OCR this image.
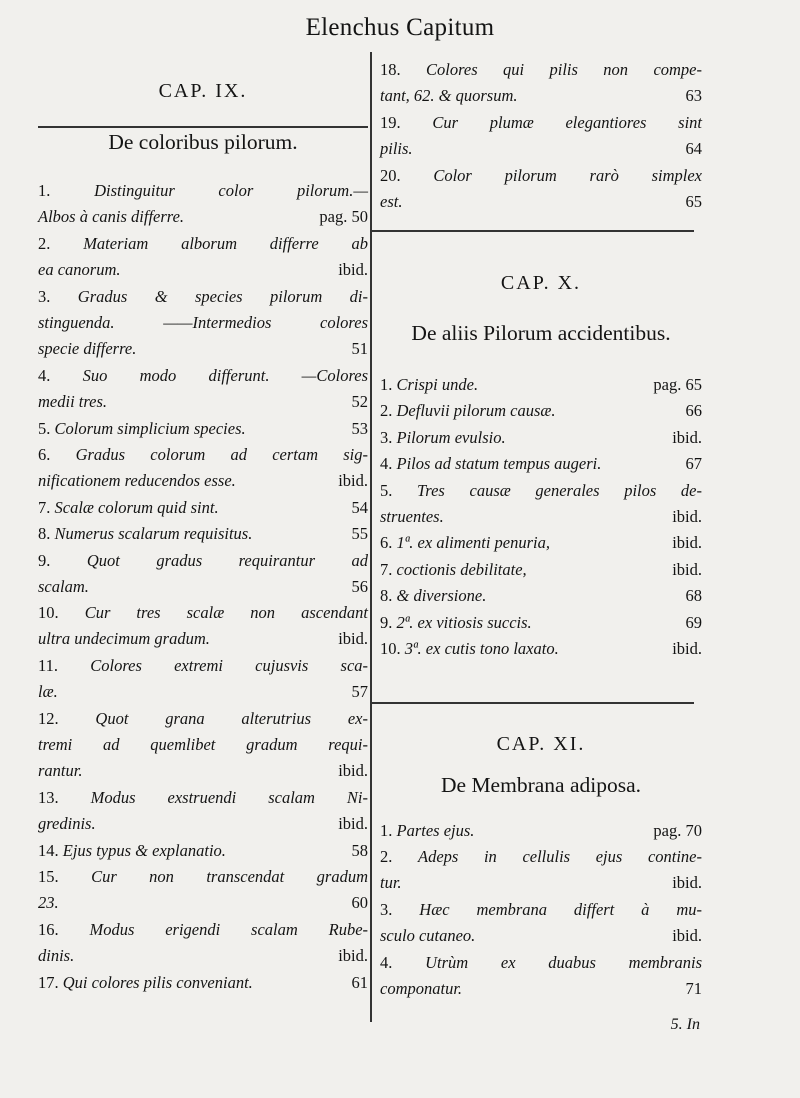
Elenchus Capitum
CAP. IX.
De coloribus pilorum.
1. Distinguitur color pilorum.—
Albos à canis differre.	pag. 50
2. Materiam alborum differre ab
ea canorum.	ibid.
3. Gradus & species pilorum di-
stinguenda. ——Intermedios colores
specie differre.	51
4. Suo modo differunt. —Colores
medii tres.	52
5. Colorum simplicium species.	53
6. Gradus colorum ad certam sig-
nificationem reducendos esse.	ibid.
7. Scalæ colorum quid sint.	54
8. Numerus scalarum requisitus.	55
9. Quot gradus requirantur ad
scalam.	56
10. Cur tres scalæ non ascendant
ultra undecimum gradum.	ibid.
11. Colores extremi cujusvis sca-
læ.	57
12. Quot grana alterutrius ex-
tremi ad quemlibet gradum requi-
rantur.	ibid.
13. Modus exstruendi scalam Ni-
gredinis.	ibid.
14. Ejus typus & explanatio.	58
15. Cur non transcendat gradum
23.	60
16. Modus erigendi scalam Rube-
dinis.	ibid.
17. Qui colores pilis conveniant.	61
18. Colores qui pilis non compe-
tant, 62. & quorsum.	63
19. Cur plumæ elegantiores sint
pilis.	64
20. Color pilorum rarò simplex
est.	65
CAP. X.
De aliis Pilorum accidentibus.
1. Crispi unde.	pag. 65
2. Defluvii pilorum causæ.	66
3. Pilorum evulsio.	ibid.
4. Pilos ad statum tempus augeri.	67
5. Tres causæ generales pilos de-
struentes.	ibid.
6. 1ª. ex alimenti penuria,	ibid.
7. coctionis debilitate,	ibid.
8. & diversione.	68
9. 2ª. ex vitiosis succis.	69
10. 3ª. ex cutis tono laxato.	ibid.
CAP. XI.
De Membrana adiposa.
1. Partes ejus.	pag. 70
2. Adeps in cellulis ejus contine-
tur.	ibid.
3. Hæc membrana differt à mu-
sculo cutaneo.	ibid.
4. Utrùm ex duabus membranis
componatur.	71
5. In
